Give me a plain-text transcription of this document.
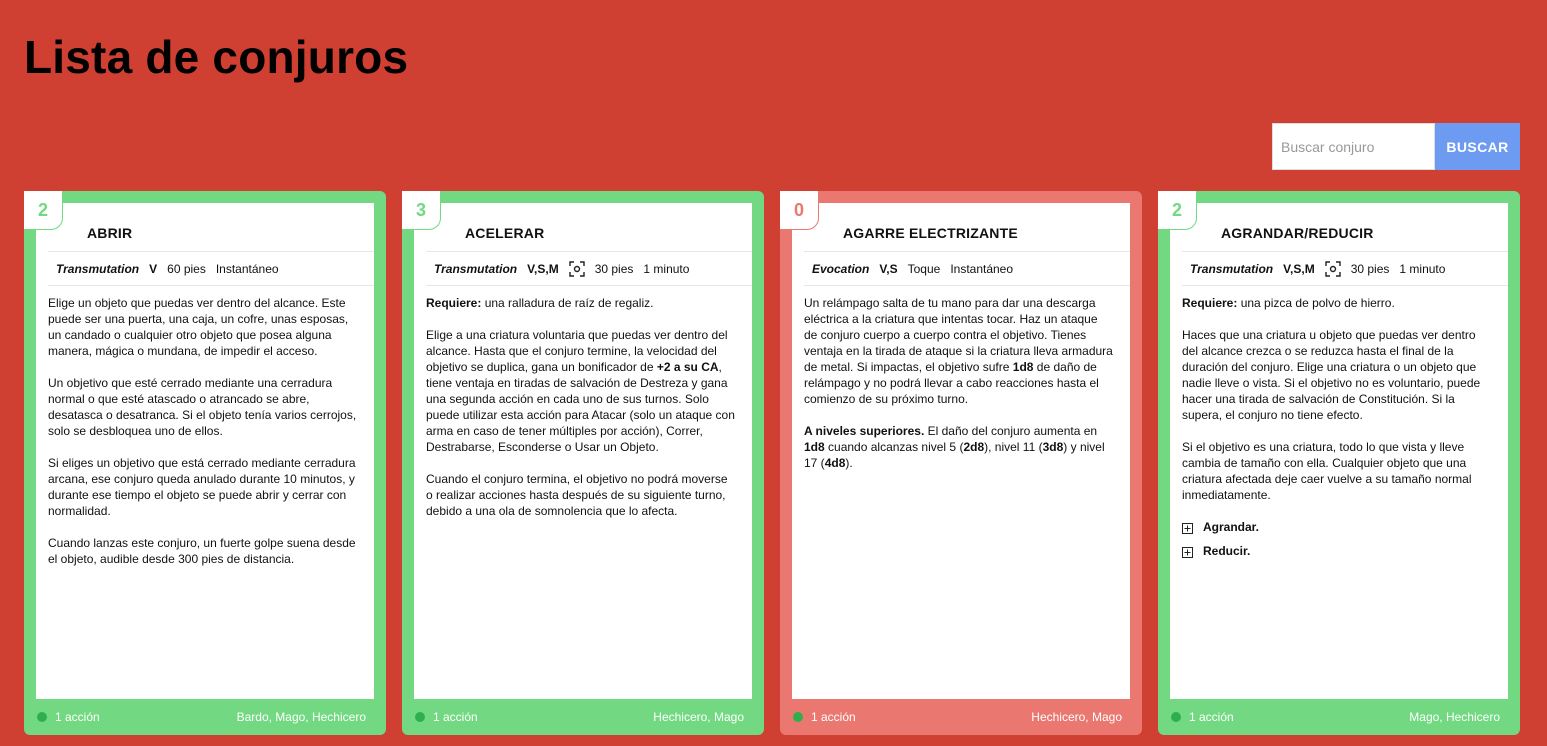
Lista de conjuros
Buscar conjuro
BUSCAR
ABRIR
Transmutation V 60 pies Instantáneo

Elige un objeto que puedas ver dentro del alcance. Este puede ser una puerta, una caja, un cofre, unas esposas, un candado o cualquier otro objeto que posea alguna manera, mágica o mundana, de impedir el acceso.

Un objetivo que esté cerrado mediante una cerradura normal o que esté atascado o atrancado se abre, desatasca o desatranca. Si el objeto tenía varios cerrojos, solo se desbloquea uno de ellos.

Si eliges un objetivo que está cerrado mediante cerradura arcana, ese conjuro queda anulado durante 10 minutos, y durante ese tiempo el objeto se puede abrir y cerrar con normalidad.

Cuando lanzas este conjuro, un fuerte golpe suena desde el objeto, audible desde 300 pies de distancia.

2
1 acción	Bardo, Mago, Hechicero
ACELERAR
Transmutation V,S,M	30 pies 1 minuto

Requiere: una ralladura de raíz de regaliz.

Elige a una criatura voluntaria que puedas ver dentro del alcance. Hasta que el conjuro termine, la velocidad del objetivo se duplica, gana un bonificador de +2 a su CA, tiene ventaja en tiradas de salvación de Destreza y gana una segunda acción en cada uno de sus turnos. Solo puede utilizar esta acción para Atacar (solo un ataque con arma en caso de tener múltiples por acción), Correr, Destrabarse, Esconderse o Usar un Objeto.

Cuando el conjuro termina, el objetivo no podrá moverse o realizar acciones hasta después de su siguiente turno, debido a una ola de somnolencia que lo afecta.

3
1 acción	Hechicero, Mago
AGARRE ELECTRIZANTE
Evocation V,S Toque Instantáneo

Un relámpago salta de tu mano para dar una descarga eléctrica a la criatura que intentas tocar. Haz un ataque de conjuro cuerpo a cuerpo contra el objetivo. Tienes ventaja en la tirada de ataque si la criatura lleva armadura de metal. Si impactas, el objetivo sufre 1d8 de daño de relámpago y no podrá llevar a cabo reacciones hasta el comienzo de su próximo turno.

A niveles superiores. El daño del conjuro aumenta en 1d8 cuando alcanzas nivel 5 (2d8), nivel 11 (3d8) y nivel 17 (4d8).

0
1 acción	Hechicero, Mago
AGRANDAR/REDUCIR
Transmutation V,S,M	30 pies 1 minuto

Requiere: una pizca de polvo de hierro.

Haces que una criatura u objeto que puedas ver dentro del alcance crezca o se reduzca hasta el final de la duración del conjuro. Elige una criatura o un objeto que nadie lleve o vista. Si el objetivo no es voluntario, puede hacer una tirada de salvación de Constitución. Si la supera, el conjuro no tiene efecto.

Si el objetivo es una criatura, todo lo que vista y lleve cambia de tamaño con ella. Cualquier objeto que una criatura afectada deje caer vuelve a su tamaño normal inmediatamente.

Agrandar.
Reducir.
2
1 acción	Mago, Hechicero
